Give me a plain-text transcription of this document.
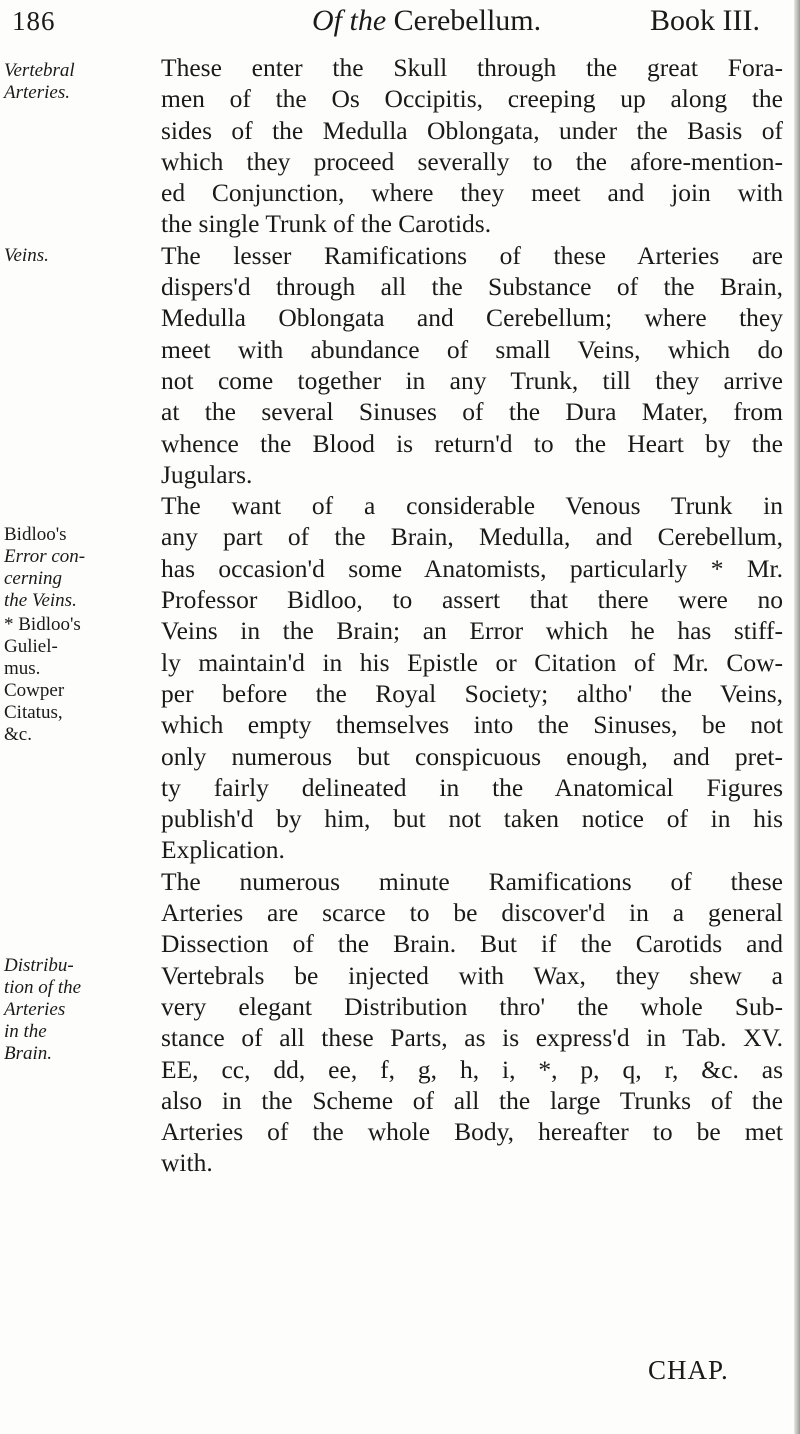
186	Of the Cerebellum.	Book III.
Vertebral
Arteries.
Veins.
Bidloo's
Error con-
cerning
the Veins.
* Bidloo's
Guliel-
mus.
Cowper
Citatus,
&c.
Distribu-
tion of the
Arteries
in the
Brain.
These enter the Skull through the great Fora-
men of the Os Occipitis, creeping up along the
sides of the Medulla Oblongata, under the Basis of
which they proceed severally to the afore-mention-
ed Conjunction, where they meet and join with
the single Trunk of the Carotids.
The lesser Ramifications of these Arteries are
dispers'd through all the Substance of the Brain,
Medulla Oblongata and Cerebellum; where they
meet with abundance of small Veins, which do
not come together in any Trunk, till they arrive
at the several Sinuses of the Dura Mater, from
whence the Blood is return'd to the Heart by the
Jugulars.
The want of a considerable Venous Trunk in
any part of the Brain, Medulla, and Cerebellum,
has occasion'd some Anatomists, particularly * Mr.
Professor Bidloo, to assert that there were no
Veins in the Brain; an Error which he has stiff-
ly maintain'd in his Epistle or Citation of Mr. Cow-
per before the Royal Society; altho' the Veins,
which empty themselves into the Sinuses, be not
only numerous but conspicuous enough, and pret-
ty fairly delineated in the Anatomical Figures
publish'd by him, but not taken notice of in his
Explication.
The numerous minute Ramifications of these
Arteries are scarce to be discover'd in a general
Dissection of the Brain. But if the Carotids and
Vertebrals be injected with Wax, they shew a
very elegant Distribution thro' the whole Sub-
stance of all these Parts, as is express'd in Tab. XV.
EE, cc, dd, ee, f, g, h, i, *, p, q, r, &c. as
also in the Scheme of all the large Trunks of the
Arteries of the whole Body, hereafter to be met
with.
CHAP.
